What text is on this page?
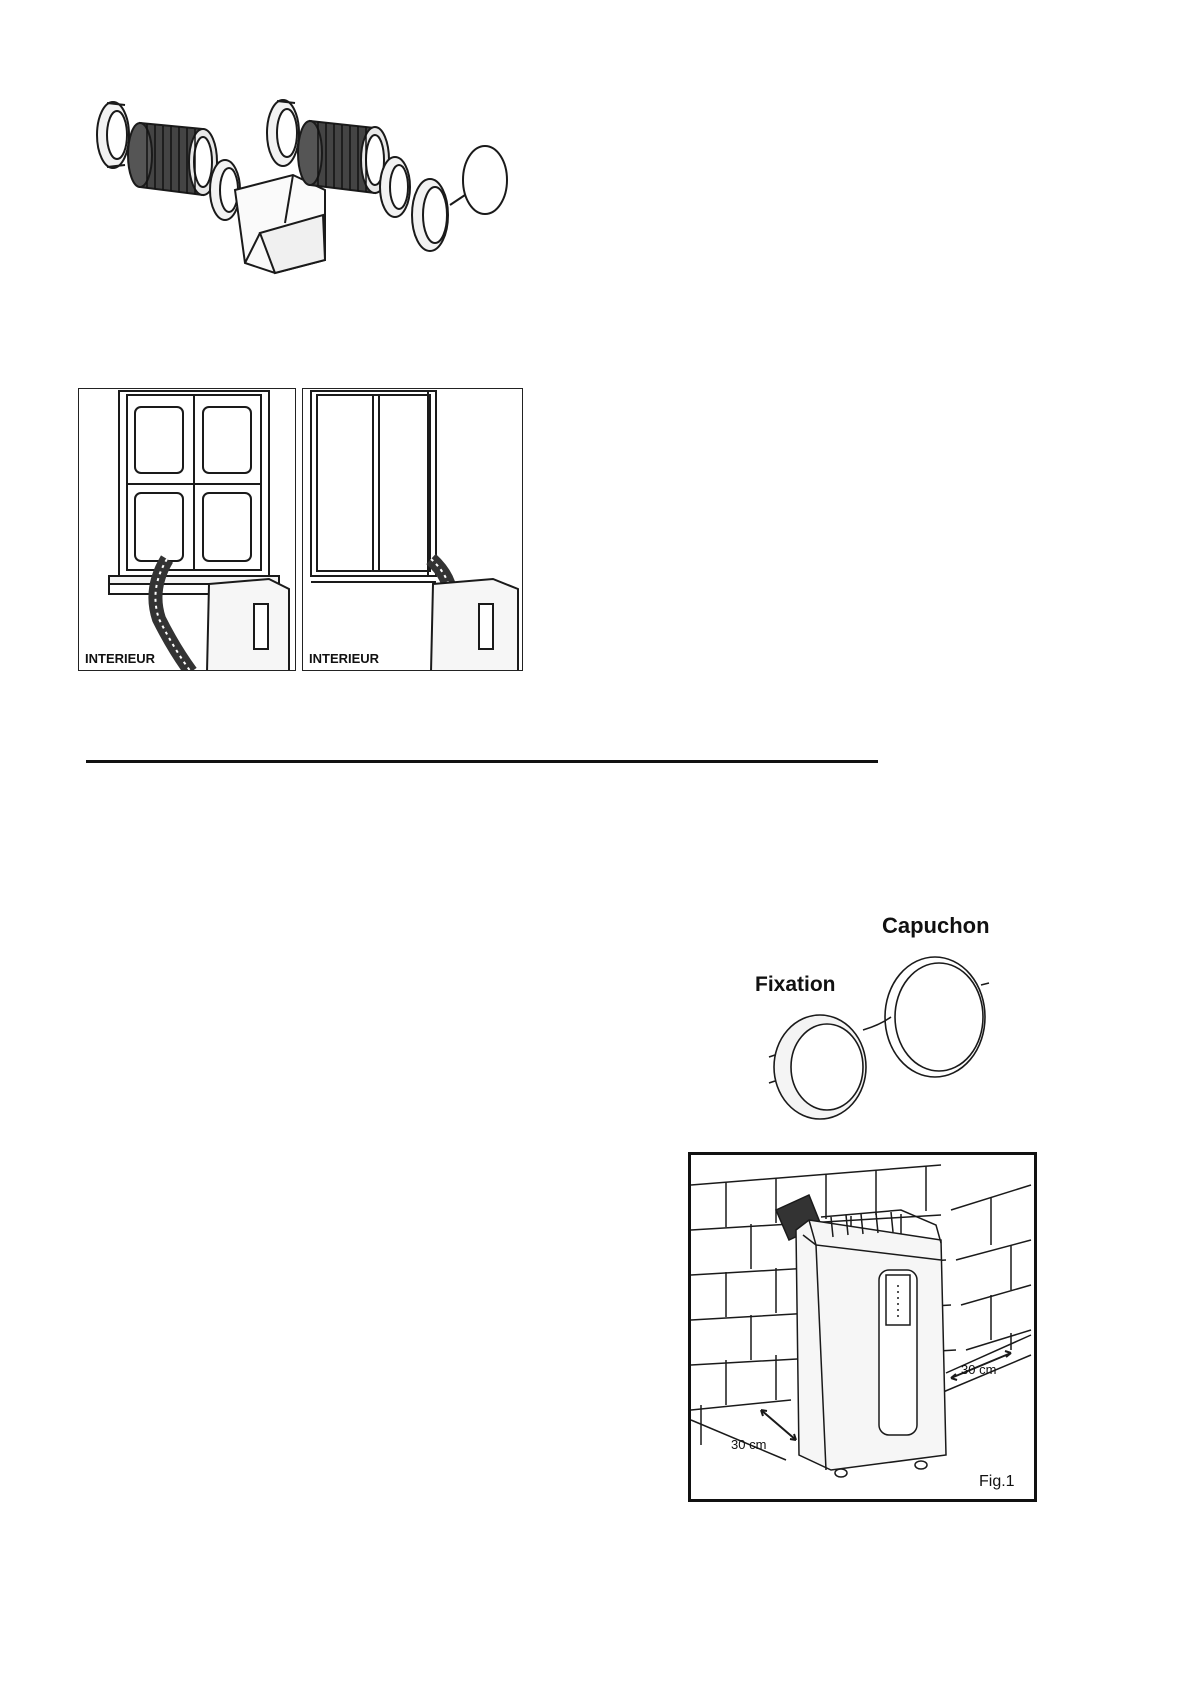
INTERIEUR	INTERIEUR
Capuchon
Fixation
30 cm
30 cm
Fig.1
